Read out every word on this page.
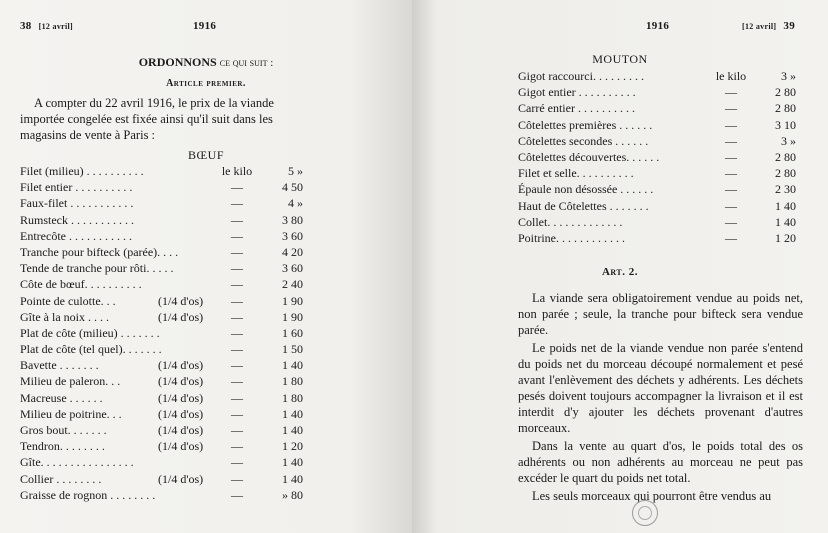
38 [12 avril]	1916
ORDONNONS ce qui suit :
Article premier.
A compter du 22 avril 1916, le prix de la viande
importée congelée est fixée ainsi qu'il suit dans les
magasins de vente à Paris :
BŒUF
Filet (milieu) . . . . . . . . . .	le kilo	5 »
Filet entier . . . . . . . . . .	—	4 50
Faux-filet . . . . . . . . . . .	—	4 »
Rumsteck . . . . . . . . . . .	—	3 80
Entrecôte . . . . . . . . . . .	—	3 60
Tranche pour bifteck (parée). . . .	—	4 20
Tende de tranche pour rôti. . . . .	—	3 60
Côte de bœuf. . . . . . . . . .	—	2 40
Pointe de culotte. . .	(1/4 d'os)	—	1 90
Gîte à la noix . . . .	(1/4 d'os)	—	1 90
Plat de côte (milieu) . . . . . . .	—	1 60
Plat de côte (tel quel). . . . . . .	—	1 50
Bavette . . . . . . .	(1/4 d'os)	—	1 40
Milieu de paleron. . .	(1/4 d'os)	—	1 80
Macreuse . . . . . .	(1/4 d'os)	—	1 80
Milieu de poitrine. . .	(1/4 d'os)	—	1 40
Gros bout. . . . . . .	(1/4 d'os)	—	1 40
Tendron. . . . . . . .	(1/4 d'os)	—	1 20
Gîte. . . . . . . . . . . . . . . .	—	1 40
Collier . . . . . . . .	(1/4 d'os)	—	1 40
Graisse de rognon . . . . . . . .	—	» 80
1916	[12 avril] 39
MOUTON
Gigot raccourci. . . . . . . . .	le kilo	3 »
Gigot entier . . . . . . . . . .	—	2 80
Carré entier . . . . . . . . . .	—	2 80
Côtelettes premières . . . . . .	—	3 10
Côtelettes secondes . . . . . .	—	3 »
Côtelettes découvertes. . . . . .	—	2 80
Filet et selle. . . . . . . . . .	—	2 80
Épaule non désossée . . . . . .	—	2 30
Haut de Côtelettes . . . . . . .	—	1 40
Collet. . . . . . . . . . . . .	—	1 40
Poitrine. . . . . . . . . . . .	—	1 20
Art. 2.
La viande sera obligatoirement vendue au poids net, non parée ; seule, la tranche pour bifteck sera vendue parée.
Le poids net de la viande vendue non parée s'entend du poids net du morceau découpé normalement et pesé avant l'enlèvement des déchets y adhérents. Les déchets pesés doivent toujours accompagner la livraison et il est interdit d'y ajouter les déchets provenant d'autres morceaux.
Dans la vente au quart d'os, le poids total des os adhérents ou non adhérents au morceau ne peut pas excéder le quart du poids net total.
Les seuls morceaux qui pourront être vendus au
